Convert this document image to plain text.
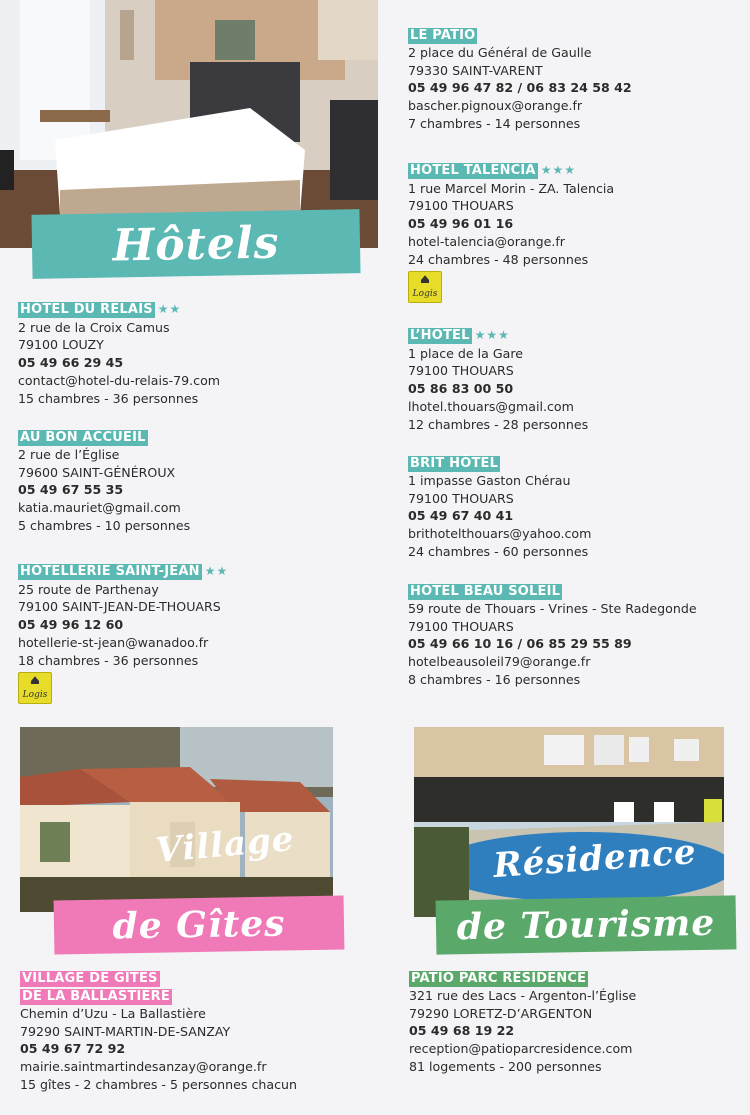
Hôtels
HÔTEL DU RELAIS ★★
2 rue de la Croix Camus
79100 LOUZY
05 49 66 29 45
contact@hotel-du-relais-79.com
15 chambres - 36 personnes
AU BON ACCUEIL
2 rue de l’Église
79600 SAINT-GÉNÉROUX
05 49 67 55 35
katia.mauriet@gmail.com
5 chambres - 10 personnes
HÔTELLERIE SAINT-JEAN ★★
25 route de Parthenay
79100 SAINT-JEAN-DE-THOUARS
05 49 96 12 60
hotellerie-st-jean@wanadoo.fr
18 chambres - 36 personnes
Logis
LE PATIO
2 place du Général de Gaulle
79330 SAINT-VARENT
05 49 96 47 82 / 06 83 24 58 42
bascher.pignoux@orange.fr
7 chambres - 14 personnes
HÔTEL TALENCIA ★★★
1 rue Marcel Morin - ZA. Talencia
79100 THOUARS
05 49 96 01 16
hotel-talencia@orange.fr
24 chambres - 48 personnes
Logis
L’HÔTEL ★★★
1 place de la Gare
79100 THOUARS
05 86 83 00 50
lhotel.thouars@gmail.com
12 chambres - 28 personnes
BRIT HÔTEL
1 impasse Gaston Chérau
79100 THOUARS
05 49 67 40 41
brithotelthouars@yahoo.com
24 chambres - 60 personnes
HÔTEL BEAU SOLEIL
59 route de Thouars - Vrines - Ste Radegonde
79100 THOUARS
05 49 66 10 16 / 06 85 29 55 89
hotelbeausoleil79@orange.fr
8 chambres - 16 personnes
Village
de Gîtes
Résidence
de Tourisme
VILLAGE DE GÎTES
DE LA BALLASTIÈRE
Chemin d’Uzu - La Ballastière
79290 SAINT-MARTIN-DE-SANZAY
05 49 67 72 92
mairie.saintmartindesanzay@orange.fr
15 gîtes - 2 chambres - 5 personnes chacun
PATIO PARC RÉSIDENCE
321 rue des Lacs - Argenton-l’Église
79290 LORETZ-D’ARGENTON
05 49 68 19 22
reception@patioparcresidence.com
81 logements - 200 personnes
